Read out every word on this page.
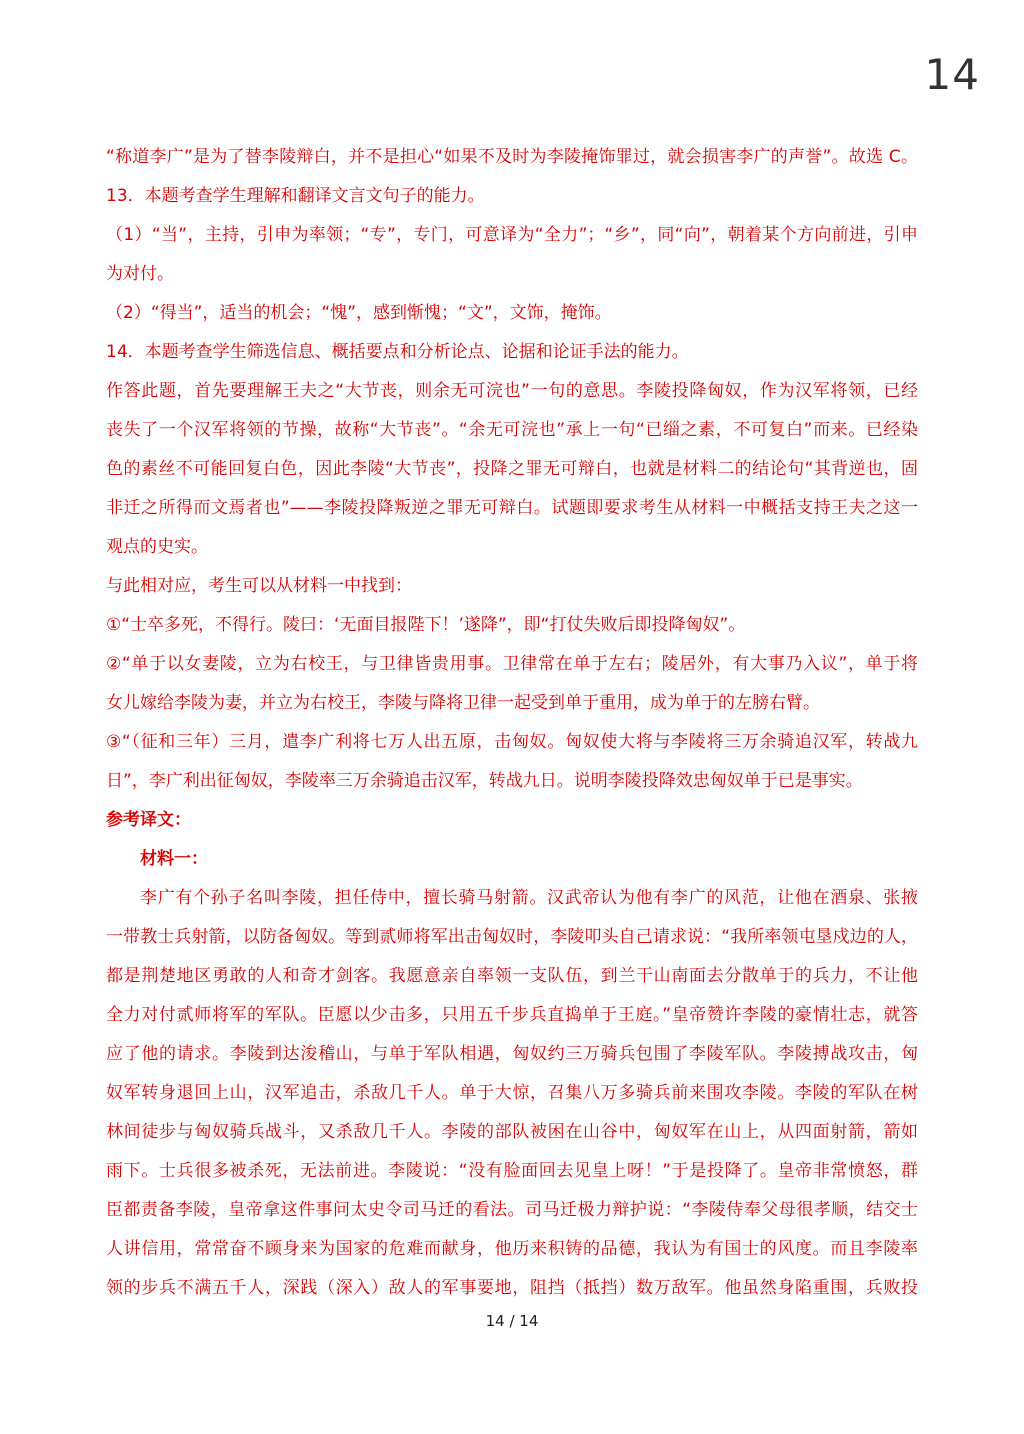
14
“称道李广”是为了替李陵辩白，并不是担心“如果不及时为李陵掩饰罪过，就会损害李广的声誉”。故选 C。
13．本题考查学生理解和翻译文言文句子的能力。
（1）“当”，主持，引申为率领；“专”，专门，可意译为“全力”；“乡”，同“向”，朝着某个方向前进，引申
为对付。
（2）“得当”，适当的机会；“愧”，感到惭愧；“文”，文饰，掩饰。
14．本题考查学生筛选信息、概括要点和分析论点、论据和论证手法的能力。
作答此题，首先要理解王夫之“大节丧，则余无可浣也”一句的意思。李陵投降匈奴，作为汉军将领，已经
丧失了一个汉军将领的节操，故称“大节丧”。“余无可浣也”承上一句“已缁之素，不可复白”而来。已经染
色的素丝不可能回复白色，因此李陵“大节丧”，投降之罪无可辩白，也就是材料二的结论句“其背逆也，固
非迁之所得而文焉者也”——李陵投降叛逆之罪无可辩白。试题即要求考生从材料一中概括支持王夫之这一
观点的史实。
与此相对应，考生可以从材料一中找到：
①“士卒多死，不得行。陵曰：‘无面目报陛下！’遂降”，即“打仗失败后即投降匈奴”。
②“单于以女妻陵，立为右校王，与卫律皆贵用事。卫律常在单于左右；陵居外，有大事乃入议”，单于将
女儿嫁给李陵为妻，并立为右校王，李陵与降将卫律一起受到单于重用，成为单于的左膀右臂。
③“（征和三年）三月，遣李广利将七万人出五原，击匈奴。匈奴使大将与李陵将三万余骑追汉军，转战九
日”，李广利出征匈奴，李陵率三万余骑追击汉军，转战九日。说明李陵投降效忠匈奴单于已是事实。
参考译文：
材料一：
李广有个孙子名叫李陵，担任侍中，擅长骑马射箭。汉武帝认为他有李广的风范，让他在酒泉、张掖
一带教士兵射箭，以防备匈奴。等到贰师将军出击匈奴时，李陵叩头自己请求说：“我所率领屯垦戍边的人，
都是荆楚地区勇敢的人和奇才剑客。我愿意亲自率领一支队伍，到兰干山南面去分散单于的兵力，不让他
全力对付贰师将军的军队。臣愿以少击多，只用五千步兵直捣单于王庭。”皇帝赞许李陵的豪情壮志，就答
应了他的请求。李陵到达浚稽山，与单于军队相遇，匈奴约三万骑兵包围了李陵军队。李陵搏战攻击，匈
奴军转身退回上山，汉军追击，杀敌几千人。单于大惊，召集八万多骑兵前来围攻李陵。李陵的军队在树
林间徒步与匈奴骑兵战斗，又杀敌几千人。李陵的部队被困在山谷中，匈奴军在山上，从四面射箭，箭如
雨下。士兵很多被杀死，无法前进。李陵说：“没有脸面回去见皇上呀！”于是投降了。皇帝非常愤怒，群
臣都责备李陵，皇帝拿这件事问太史令司马迁的看法。司马迁极力辩护说：“李陵侍奉父母很孝顺，结交士
人讲信用，常常奋不顾身来为国家的危难而献身，他历来积铸的品德，我认为有国士的风度。而且李陵率
领的步兵不满五千人，深践（深入）敌人的军事要地，阻挡（抵挡）数万敌军。他虽然身陷重围，兵败投
14 / 14
